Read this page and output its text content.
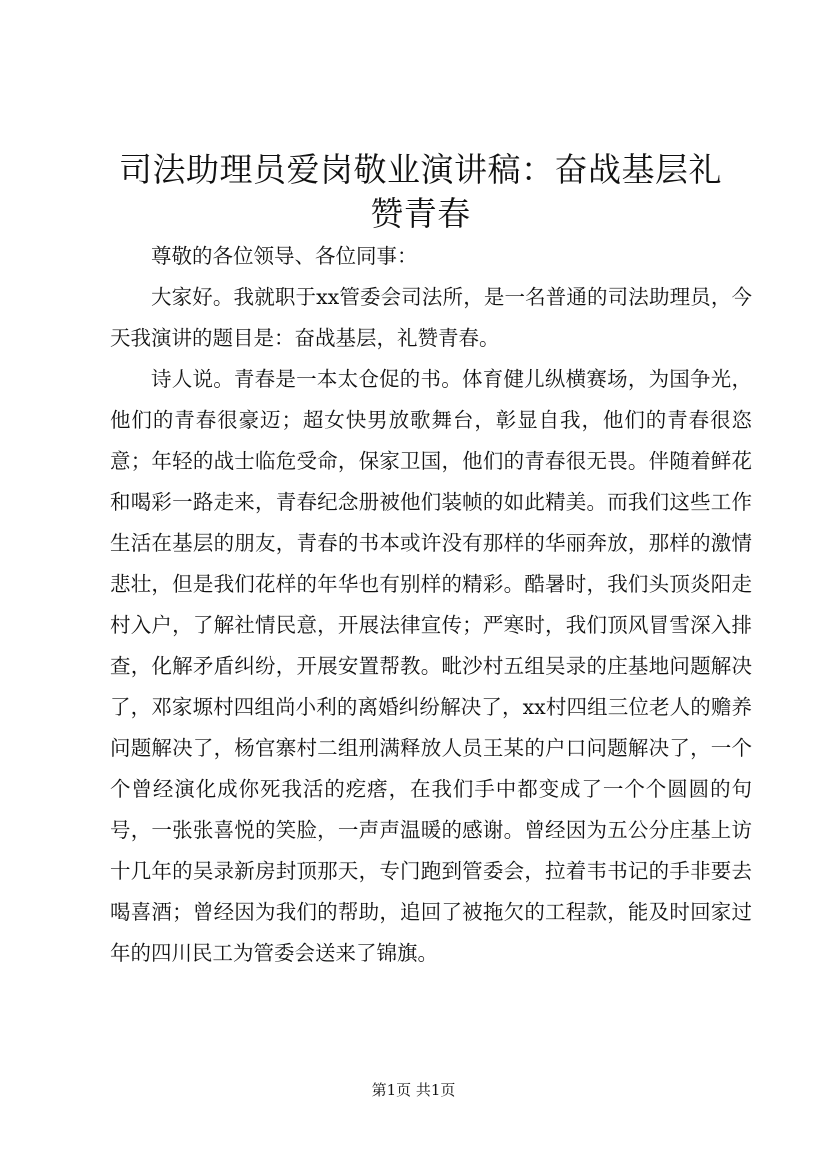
司法助理员爱岗敬业演讲稿：奋战基层礼赞青春

尊敬的各位领导、各位同事：

大家好。我就职于xx管委会司法所，是一名普通的司法助理员，今天我演讲的题目是：奋战基层，礼赞青春。

诗人说。青春是一本太仓促的书。体育健儿纵横赛场，为国争光，他们的青春很豪迈；超女快男放歌舞台，彰显自我，他们的青春很恣意；年轻的战士临危受命，保家卫国，他们的青春很无畏。伴随着鲜花和喝彩一路走来，青春纪念册被他们装帧的如此精美。而我们这些工作生活在基层的朋友，青春的书本或许没有那样的华丽奔放，那样的激情悲壮，但是我们花样的年华也有别样的精彩。酷暑时，我们头顶炎阳走村入户，了解社情民意，开展法律宣传；严寒时，我们顶风冒雪深入排查，化解矛盾纠纷，开展安置帮教。毗沙村五组吴录的庄基地问题解决了，邓家塬村四组尚小利的离婚纠纷解决了，xx村四组三位老人的赡养问题解决了，杨官寨村二组刑满释放人员王某的户口问题解决了，一个个曾经演化成你死我活的疙瘩，在我们手中都变成了一个个圆圆的句号，一张张喜悦的笑脸，一声声温暖的感谢。曾经因为五公分庄基上访十几年的吴录新房封顶那天，专门跑到管委会，拉着韦书记的手非要去喝喜酒；曾经因为我们的帮助，追回了被拖欠的工程款，能及时回家过年的四川民工为管委会送来了锦旗。

第1页 共1页
